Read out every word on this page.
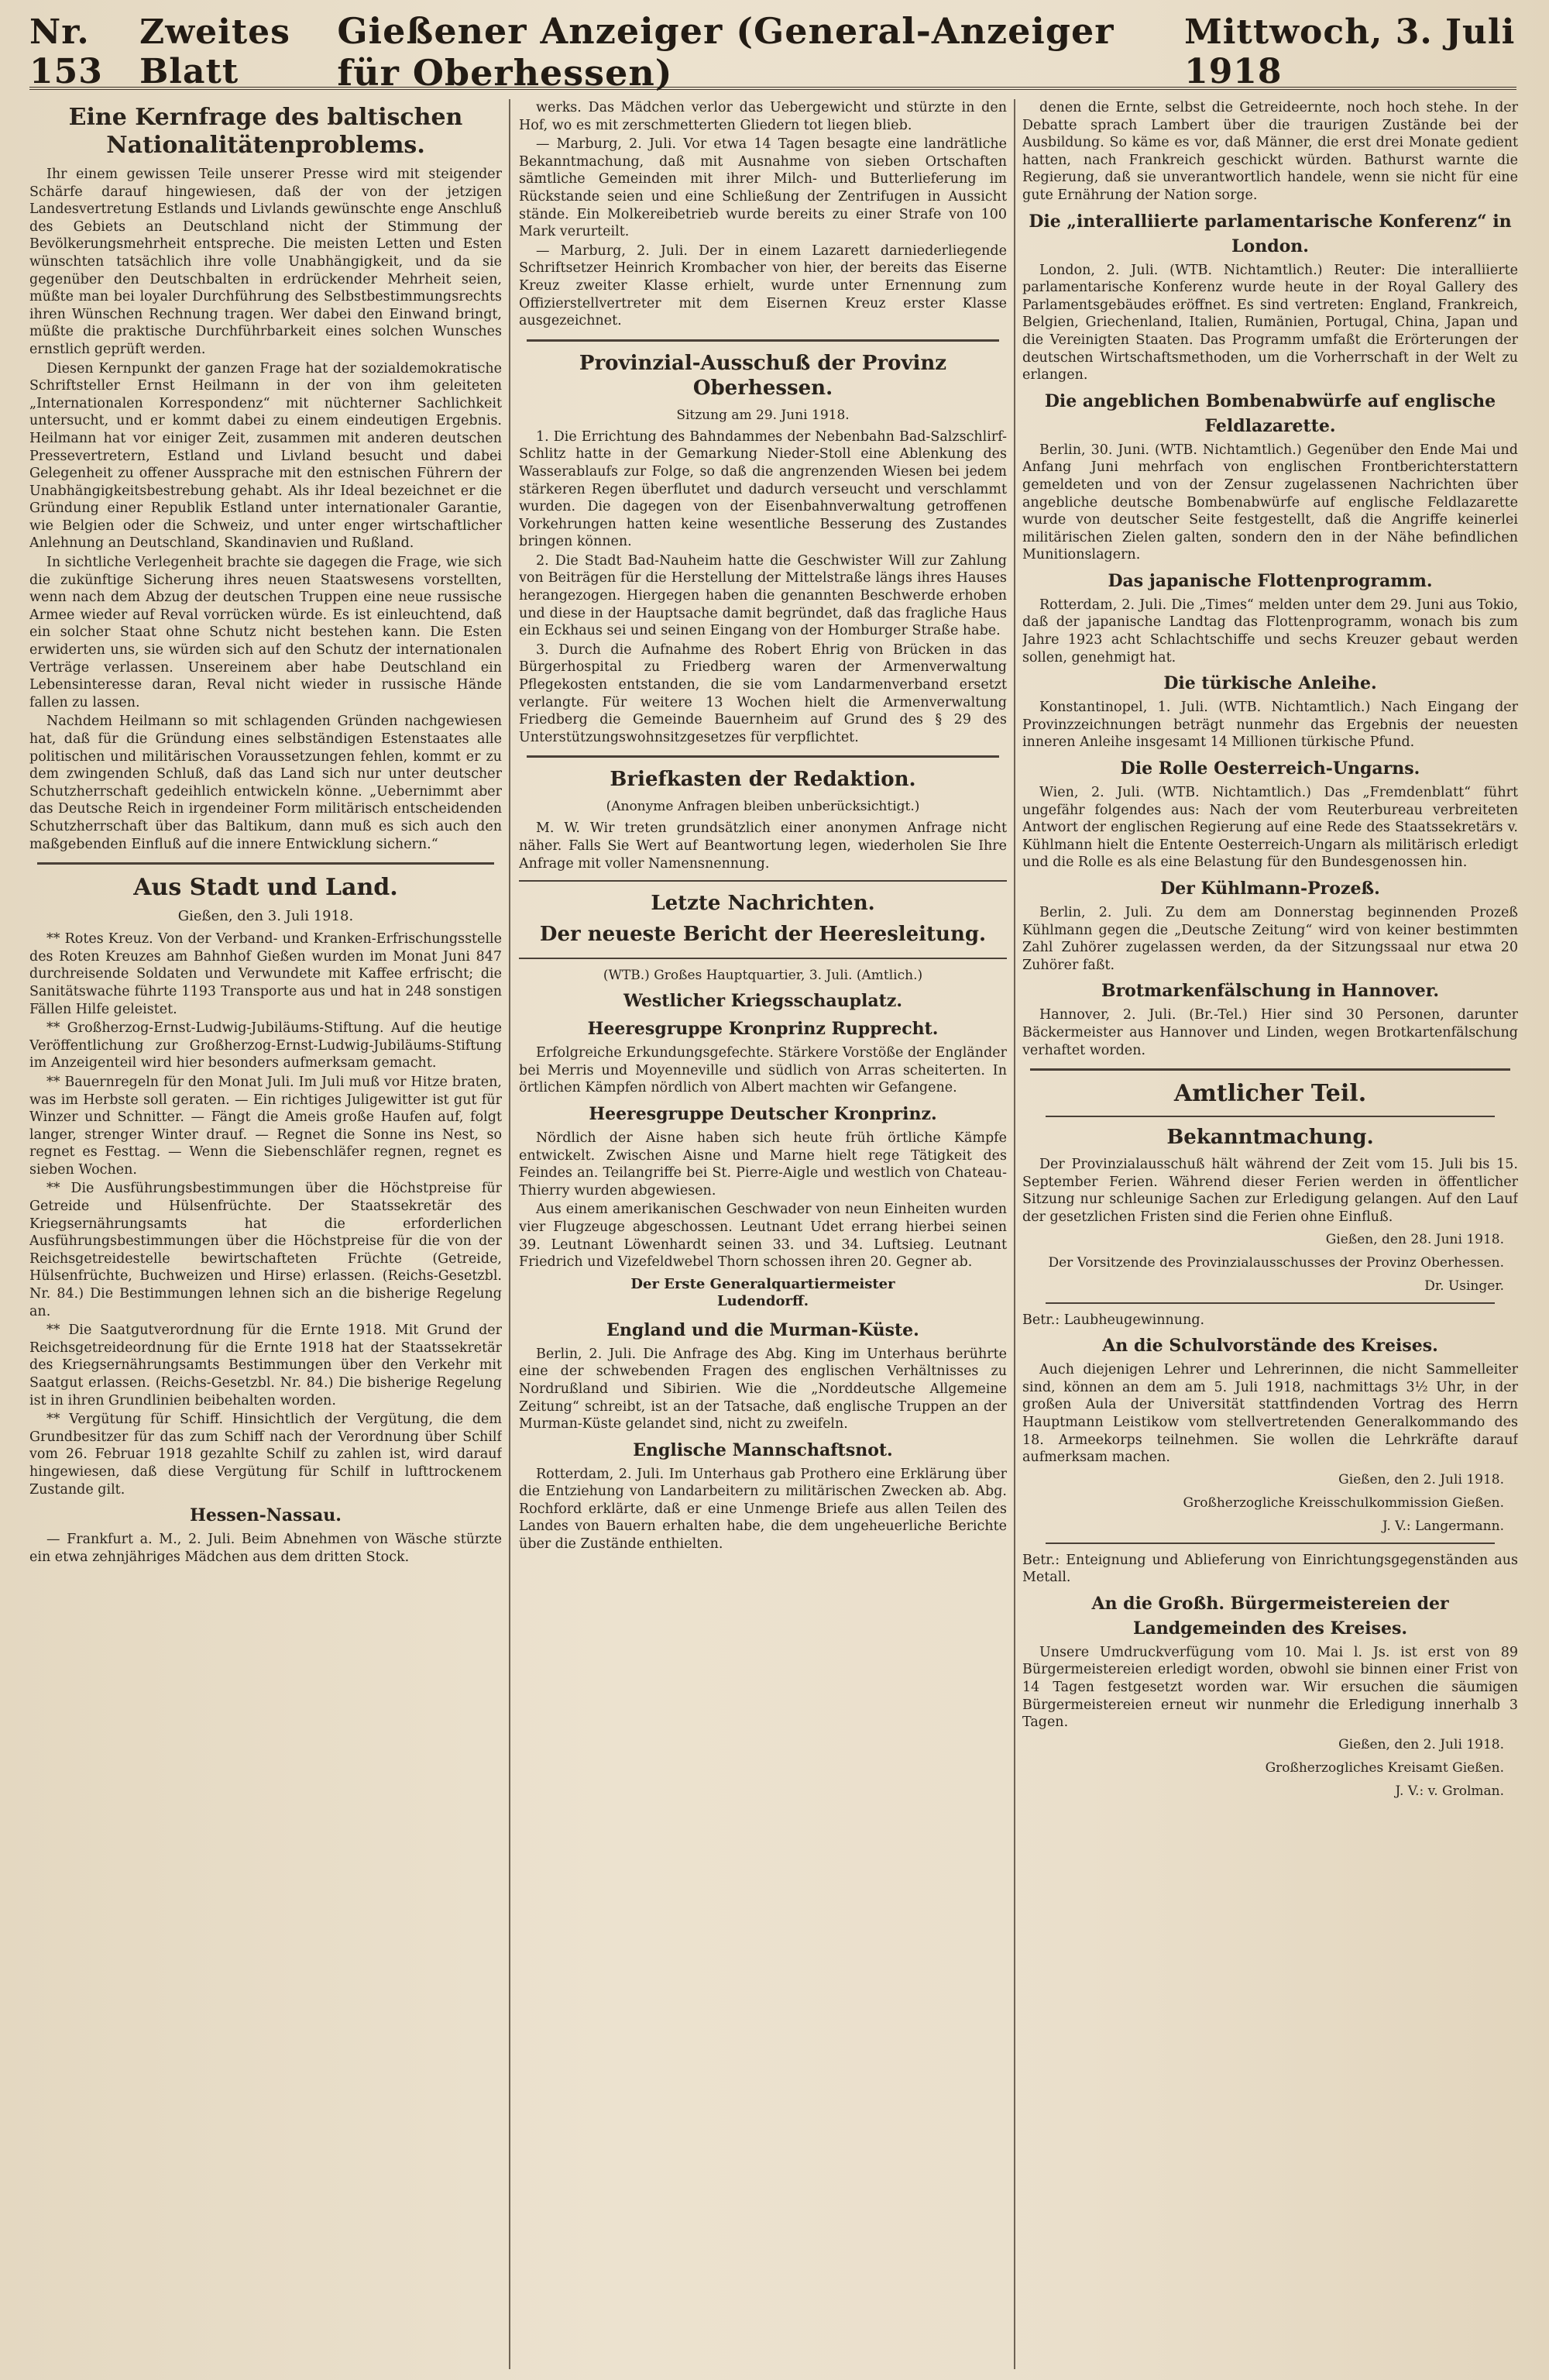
Nr. 153
Zweites Blatt
Gießener Anzeiger (General-Anzeiger für Oberhessen)
Mittwoch, 3. Juli 1918
Eine Kernfrage des baltischen Nationalitätenproblems.

Ihr einem gewissen Teile unserer Presse wird mit steigender Schärfe darauf hingewiesen, daß der von der jetzigen Landesvertretung Estlands und Livlands gewünschte enge Anschluß des Gebiets an Deutschland nicht der Stimmung der Bevölkerungsmehrheit entspreche. Die meisten Letten und Esten wünschten tatsächlich ihre volle Unabhängigkeit, und da sie gegenüber den Deutschbalten in erdrückender Mehrheit seien, müßte man bei loyaler Durchführung des Selbstbestimmungsrechts ihren Wünschen Rechnung tragen. Wer dabei den Einwand bringt, müßte die praktische Durchführbarkeit eines solchen Wunsches ernstlich geprüft werden.

Diesen Kernpunkt der ganzen Frage hat der sozialdemokratische Schriftsteller Ernst Heilmann in der von ihm geleiteten „Internationalen Korrespondenz“ mit nüchterner Sachlichkeit untersucht, und er kommt dabei zu einem eindeutigen Ergebnis. Heilmann hat vor einiger Zeit, zusammen mit anderen deutschen Pressevertretern, Estland und Livland besucht und dabei Gelegenheit zu offener Aussprache mit den estnischen Führern der Unabhängigkeitsbestrebung gehabt. Als ihr Ideal bezeichnet er die Gründung einer Republik Estland unter internationaler Garantie, wie Belgien oder die Schweiz, und unter enger wirtschaftlicher Anlehnung an Deutschland, Skandinavien und Rußland.

In sichtliche Verlegenheit brachte sie dagegen die Frage, wie sich die zukünftige Sicherung ihres neuen Staatswesens vorstellten, wenn nach dem Abzug der deutschen Truppen eine neue russische Armee wieder auf Reval vorrücken würde. Es ist einleuchtend, daß ein solcher Staat ohne Schutz nicht bestehen kann. Die Esten erwiderten uns, sie würden sich auf den Schutz der internationalen Verträge verlassen. Unsereinem aber habe Deutschland ein Lebensinteresse daran, Reval nicht wieder in russische Hände fallen zu lassen.

Nachdem Heilmann so mit schlagenden Gründen nachgewiesen hat, daß für die Gründung eines selbständigen Estenstaates alle politischen und militärischen Voraussetzungen fehlen, kommt er zu dem zwingenden Schluß, daß das Land sich nur unter deutscher Schutzherrschaft gedeihlich entwickeln könne. „Uebernimmt aber das Deutsche Reich in irgendeiner Form militärisch entscheidenden Schutzherrschaft über das Baltikum, dann muß es sich auch den maßgebenden Einfluß auf die innere Entwicklung sichern.“

Aus Stadt und Land.
Gießen, den 3. Juli 1918.

** Rotes Kreuz. Von der Verband- und Kranken-Erfrischungsstelle des Roten Kreuzes am Bahnhof Gießen wurden im Monat Juni 847 durchreisende Soldaten und Verwundete mit Kaffee erfrischt; die Sanitätswache führte 1193 Transporte aus und hat in 248 sonstigen Fällen Hilfe geleistet.

** Großherzog-Ernst-Ludwig-Jubiläums-Stiftung. Auf die heutige Veröffentlichung zur Großherzog-Ernst-Ludwig-Jubiläums-Stiftung im Anzeigenteil wird hier besonders aufmerksam gemacht.

** Bauernregeln für den Monat Juli. Im Juli muß vor Hitze braten, was im Herbste soll geraten. — Ein richtiges Juligewitter ist gut für Winzer und Schnitter. — Fängt die Ameis große Haufen auf, folgt langer, strenger Winter drauf. — Regnet die Sonne ins Nest, so regnet es Festtag. — Wenn die Siebenschläfer regnen, regnet es sieben Wochen.

** Die Ausführungsbestimmungen über die Höchstpreise für Getreide und Hülsenfrüchte. Der Staatssekretär des Kriegsernährungsamts hat die erforderlichen Ausführungsbestimmungen über die Höchstpreise für die von der Reichsgetreidestelle bewirtschafteten Früchte (Getreide, Hülsenfrüchte, Buchweizen und Hirse) erlassen. (Reichs-Gesetzbl. Nr. 84.) Die Bestimmungen lehnen sich an die bisherige Regelung an.

** Die Saatgutverordnung für die Ernte 1918. Mit Grund der Reichsgetreideordnung für die Ernte 1918 hat der Staatssekretär des Kriegsernährungsamts Bestimmungen über den Verkehr mit Saatgut erlassen. (Reichs-Gesetzbl. Nr. 84.) Die bisherige Regelung ist in ihren Grundlinien beibehalten worden.

** Vergütung für Schiff. Hinsichtlich der Vergütung, die dem Grundbesitzer für das zum Schiff nach der Verordnung über Schilf vom 26. Februar 1918 gezahlte Schilf zu zahlen ist, wird darauf hingewiesen, daß diese Vergütung für Schilf in lufttrockenem Zustande gilt.

Hessen-Nassau.

— Frankfurt a. M., 2. Juli. Beim Abnehmen von Wäsche stürzte ein etwa zehnjähriges Mädchen aus dem dritten Stock.

werks. Das Mädchen verlor das Uebergewicht und stürzte in den Hof, wo es mit zerschmetterten Gliedern tot liegen blieb.

— Marburg, 2. Juli. Vor etwa 14 Tagen besagte eine landrätliche Bekanntmachung, daß mit Ausnahme von sieben Ortschaften sämtliche Gemeinden mit ihrer Milch- und Butterlieferung im Rückstande seien und eine Schließung der Zentrifugen in Aussicht stände. Ein Molkereibetrieb wurde bereits zu einer Strafe von 100 Mark verurteilt.

— Marburg, 2. Juli. Der in einem Lazarett darniederliegende Schriftsetzer Heinrich Krombacher von hier, der bereits das Eiserne Kreuz zweiter Klasse erhielt, wurde unter Ernennung zum Offizierstellvertreter mit dem Eisernen Kreuz erster Klasse ausgezeichnet.

Provinzial-Ausschuß der Provinz Oberhessen.
Sitzung am 29. Juni 1918.

1. Die Errichtung des Bahndammes der Nebenbahn Bad-Salzschlirf-Schlitz hatte in der Gemarkung Nieder-Stoll eine Ablenkung des Wasserablaufs zur Folge, so daß die angrenzenden Wiesen bei jedem stärkeren Regen überflutet und dadurch verseucht und verschlammt wurden. Die dagegen von der Eisenbahnverwaltung getroffenen Vorkehrungen hatten keine wesentliche Besserung des Zustandes bringen können.

2. Die Stadt Bad-Nauheim hatte die Geschwister Will zur Zahlung von Beiträgen für die Herstellung der Mittelstraße längs ihres Hauses herangezogen. Hiergegen haben die genannten Beschwerde erhoben und diese in der Hauptsache damit begründet, daß das fragliche Haus ein Eckhaus sei und seinen Eingang von der Homburger Straße habe.

3. Durch die Aufnahme des Robert Ehrig von Brücken in das Bürgerhospital zu Friedberg waren der Armenverwaltung Pflegekosten entstanden, die sie vom Landarmenverband ersetzt verlangte. Für weitere 13 Wochen hielt die Armenverwaltung Friedberg die Gemeinde Bauernheim auf Grund des § 29 des Unterstützungswohnsitzgesetzes für verpflichtet.

Briefkasten der Redaktion.
(Anonyme Anfragen bleiben unberücksichtigt.)

M. W. Wir treten grundsätzlich einer anonymen Anfrage nicht näher. Falls Sie Wert auf Beantwortung legen, wiederholen Sie Ihre Anfrage mit voller Namensnennung.

Letzte Nachrichten.
Der neueste Bericht der Heeresleitung.
(WTB.) Großes Hauptquartier, 3. Juli. (Amtlich.)
Westlicher Kriegsschauplatz.
Heeresgruppe Kronprinz Rupprecht.

Erfolgreiche Erkundungsgefechte. Stärkere Vorstöße der Engländer bei Merris und Moyenneville und südlich von Arras scheiterten. In örtlichen Kämpfen nördlich von Albert machten wir Gefangene.

Heeresgruppe Deutscher Kronprinz.

Nördlich der Aisne haben sich heute früh örtliche Kämpfe entwickelt. Zwischen Aisne und Marne hielt rege Tätigkeit des Feindes an. Teilangriffe bei St. Pierre-Aigle und westlich von Chateau-Thierry wurden abgewiesen.

Aus einem amerikanischen Geschwader von neun Einheiten wurden vier Flugzeuge abgeschossen. Leutnant Udet errang hierbei seinen 39. Leutnant Löwenhardt seinen 33. und 34. Luftsieg. Leutnant Friedrich und Vizefeldwebel Thorn schossen ihren 20. Gegner ab.

Der Erste Generalquartiermeister
Ludendorff.
England und die Murman-Küste.

Berlin, 2. Juli. Die Anfrage des Abg. King im Unterhaus berührte eine der schwebenden Fragen des englischen Verhältnisses zu Nordrußland und Sibirien. Wie die „Norddeutsche Allgemeine Zeitung“ schreibt, ist an der Tatsache, daß englische Truppen an der Murman-Küste gelandet sind, nicht zu zweifeln.

Englische Mannschaftsnot.

Rotterdam, 2. Juli. Im Unterhaus gab Prothero eine Erklärung über die Entziehung von Landarbeitern zu militärischen Zwecken ab. Abg. Rochford erklärte, daß er eine Unmenge Briefe aus allen Teilen des Landes von Bauern erhalten habe, die dem ungeheuerliche Berichte über die Zustände enthielten.

denen die Ernte, selbst die Getreideernte, noch hoch stehe. In der Debatte sprach Lambert über die traurigen Zustände bei der Ausbildung. So käme es vor, daß Männer, die erst drei Monate gedient hatten, nach Frankreich geschickt würden. Bathurst warnte die Regierung, daß sie unverantwortlich handele, wenn sie nicht für eine gute Ernährung der Nation sorge.

Die „interalliierte parlamentarische Konferenz“ in London.

London, 2. Juli. (WTB. Nichtamtlich.) Reuter: Die interalliierte parlamentarische Konferenz wurde heute in der Royal Gallery des Parlamentsgebäudes eröffnet. Es sind vertreten: England, Frankreich, Belgien, Griechenland, Italien, Rumänien, Portugal, China, Japan und die Vereinigten Staaten. Das Programm umfaßt die Erörterungen der deutschen Wirtschaftsmethoden, um die Vorherrschaft in der Welt zu erlangen.

Die angeblichen Bombenabwürfe auf englische Feldlazarette.

Berlin, 30. Juni. (WTB. Nichtamtlich.) Gegenüber den Ende Mai und Anfang Juni mehrfach von englischen Frontberichterstattern gemeldeten und von der Zensur zugelassenen Nachrichten über angebliche deutsche Bombenabwürfe auf englische Feldlazarette wurde von deutscher Seite festgestellt, daß die Angriffe keinerlei militärischen Zielen galten, sondern den in der Nähe befindlichen Munitionslagern.

Das japanische Flottenprogramm.

Rotterdam, 2. Juli. Die „Times“ melden unter dem 29. Juni aus Tokio, daß der japanische Landtag das Flottenprogramm, wonach bis zum Jahre 1923 acht Schlachtschiffe und sechs Kreuzer gebaut werden sollen, genehmigt hat.

Die türkische Anleihe.

Konstantinopel, 1. Juli. (WTB. Nichtamtlich.) Nach Eingang der Provinzzeichnungen beträgt nunmehr das Ergebnis der neuesten inneren Anleihe insgesamt 14 Millionen türkische Pfund.

Die Rolle Oesterreich-Ungarns.

Wien, 2. Juli. (WTB. Nichtamtlich.) Das „Fremdenblatt“ führt ungefähr folgendes aus: Nach der vom Reuterbureau verbreiteten Antwort der englischen Regierung auf eine Rede des Staatssekretärs v. Kühlmann hielt die Entente Oesterreich-Ungarn als militärisch erledigt und die Rolle es als eine Belastung für den Bundesgenossen hin.

Der Kühlmann-Prozeß.

Berlin, 2. Juli. Zu dem am Donnerstag beginnenden Prozeß Kühlmann gegen die „Deutsche Zeitung“ wird von keiner bestimmten Zahl Zuhörer zugelassen werden, da der Sitzungssaal nur etwa 20 Zuhörer faßt.

Brotmarkenfälschung in Hannover.

Hannover, 2. Juli. (Br.-Tel.) Hier sind 30 Personen, darunter Bäckermeister aus Hannover und Linden, wegen Brotkartenfälschung verhaftet worden.

Amtlicher Teil.
Bekanntmachung.

Der Provinzialausschuß hält während der Zeit vom 15. Juli bis 15. September Ferien. Während dieser Ferien werden in öffentlicher Sitzung nur schleunige Sachen zur Erledigung gelangen. Auf den Lauf der gesetzlichen Fristen sind die Ferien ohne Einfluß.

Gießen, den 28. Juni 1918.
Der Vorsitzende des Provinzialausschusses der Provinz Oberhessen.
Dr. Usinger.
Betr.: Laubheugewinnung.
An die Schulvorstände des Kreises.

Auch diejenigen Lehrer und Lehrerinnen, die nicht Sammelleiter sind, können an dem am 5. Juli 1918, nachmittags 3½ Uhr, in der großen Aula der Universität stattfindenden Vortrag des Herrn Hauptmann Leistikow vom stellvertretenden Generalkommando des 18. Armeekorps teilnehmen. Sie wollen die Lehrkräfte darauf aufmerksam machen.

Gießen, den 2. Juli 1918.
Großherzogliche Kreisschulkommission Gießen.
J. V.: Langermann.
Betr.: Enteignung und Ablieferung von Einrichtungsgegenständen aus Metall.
An die Großh. Bürgermeistereien der Landgemeinden des Kreises.

Unsere Umdruckverfügung vom 10. Mai l. Js. ist erst von 89 Bürgermeistereien erledigt worden, obwohl sie binnen einer Frist von 14 Tagen festgesetzt worden war. Wir ersuchen die säumigen Bürgermeistereien erneut wir nunmehr die Erledigung innerhalb 3 Tagen.

Gießen, den 2. Juli 1918.
Großherzogliches Kreisamt Gießen.
J. V.: v. Grolman.
